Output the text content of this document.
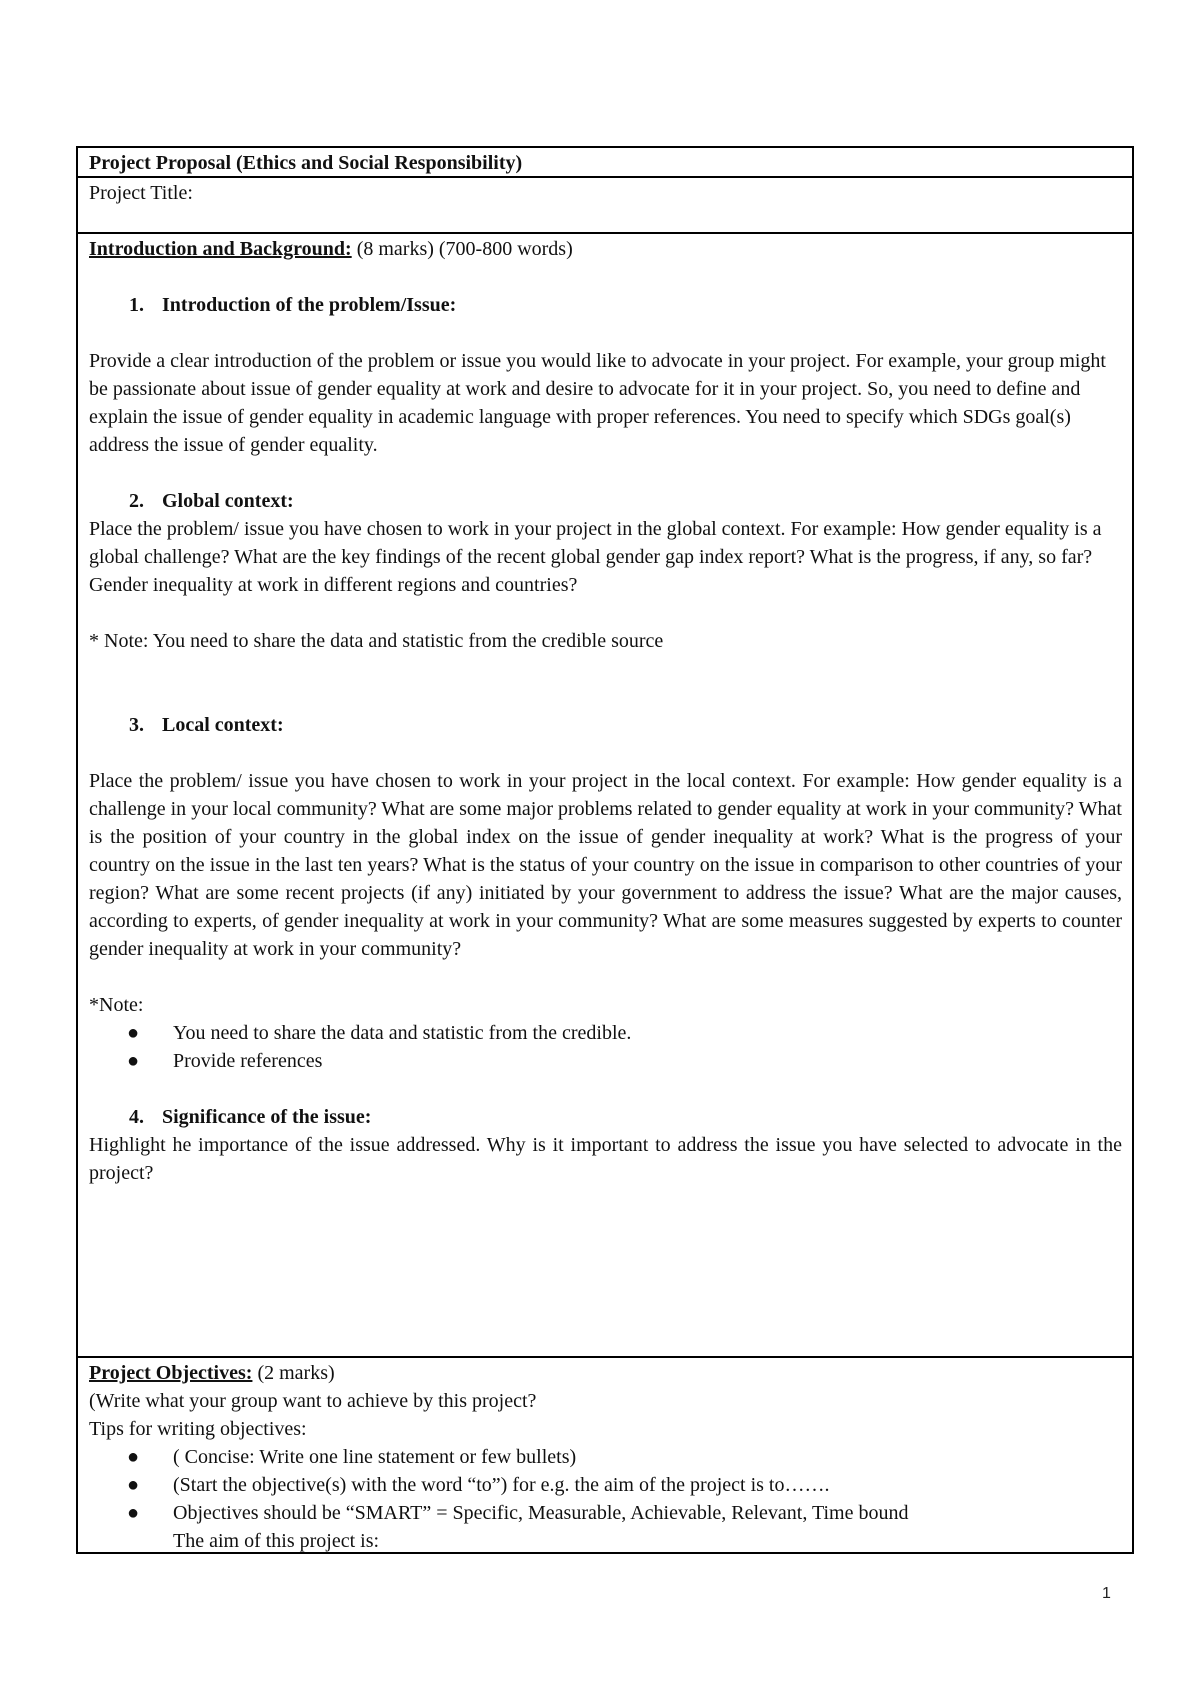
Project Proposal (Ethics and Social Responsibility)

Project Title:

Introduction and Background: (8 marks) (700-800 words)

1. Introduction of the problem/Issue:

Provide a clear introduction of the problem or issue you would like to advocate in your project. For example, your group might be passionate about issue of gender equality at work and desire to advocate for it in your project. So, you need to define and explain the issue of gender equality in academic language with proper references. You need to specify which SDGs goal(s) address the issue of gender equality.

2. Global context:

Place the problem/ issue you have chosen to work in your project in the global context. For example: How gender equality is a global challenge? What are the key findings of the recent global gender gap index report? What is the progress, if any, so far? Gender inequality at work in different regions and countries?

* Note: You need to share the data and statistic from the credible source

3. Local context:

Place the problem/ issue you have chosen to work in your project in the local context. For example: How gender equality is a challenge in your local community? What are some major problems related to gender equality at work in your community? What is the position of your country in the global index on the issue of gender inequality at work? What is the progress of your country on the issue in the last ten years? What is the status of your country on the issue in comparison to other countries of your region? What are some recent projects (if any) initiated by your government to address the issue? What are the major causes, according to experts, of gender inequality at work in your community? What are some measures suggested by experts to counter gender inequality at work in your community?

*Note:

● You need to share the data and statistic from the credible.
● Provide references

4. Significance of the issue:

Highlight he importance of the issue addressed. Why is it important to address the issue you have selected to advocate in the project?

Project Objectives: (2 marks)

(Write what your group want to achieve by this project?

Tips for writing objectives:

● ( Concise: Write one line statement or few bullets)
● (Start the objective(s) with the word “to”) for e.g. the aim of the project is to…….
● Objectives should be “SMART” = Specific, Measurable, Achievable, Relevant, Time bound

The aim of this project is:

1
